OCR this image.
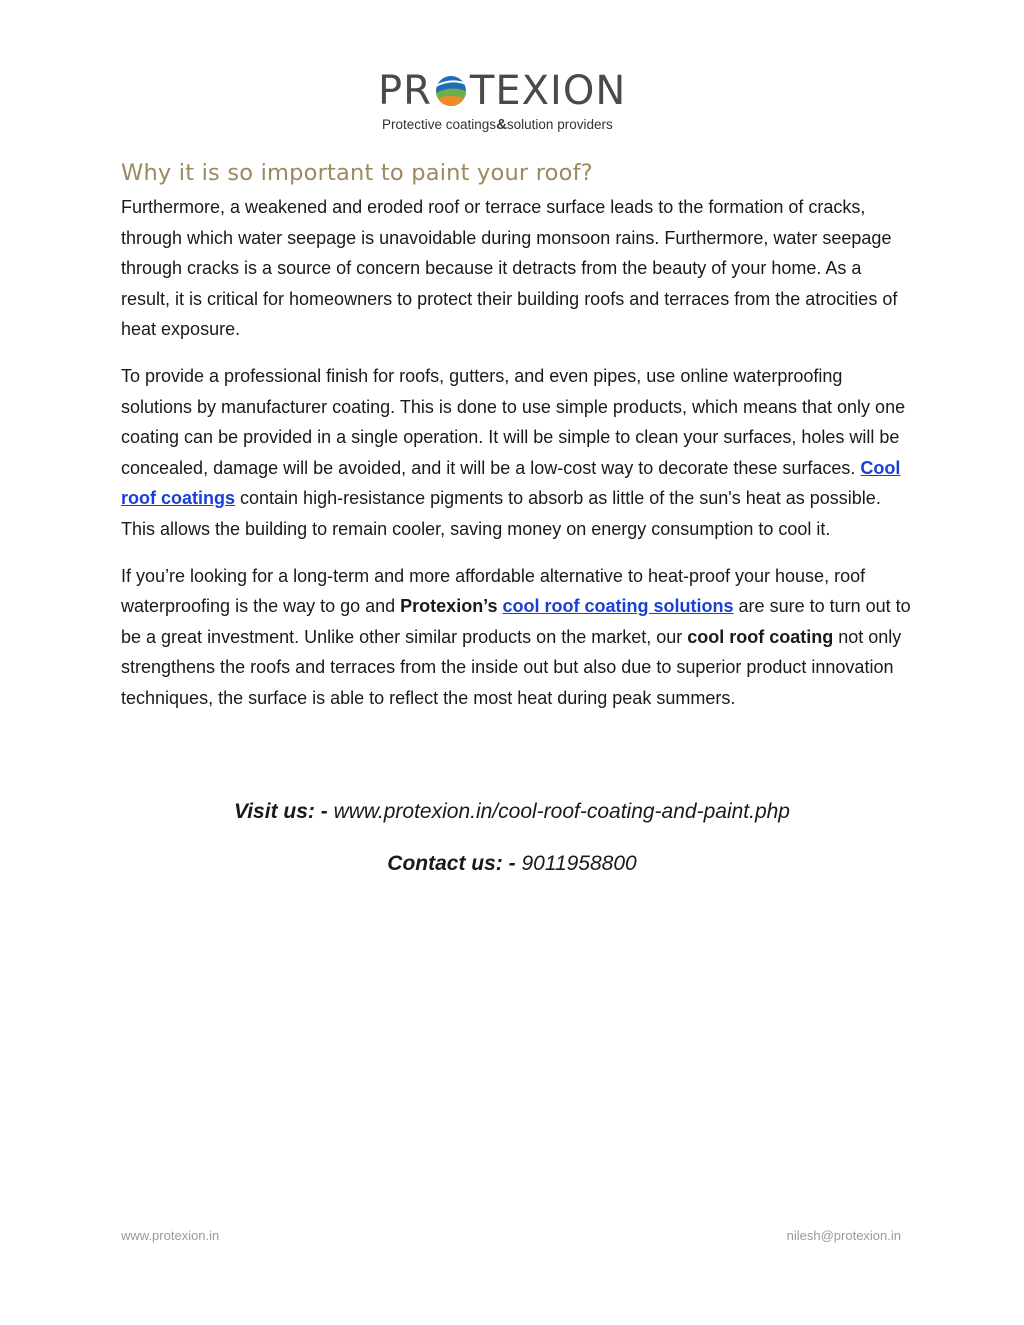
PR TEXION
Protective coatings&solution providers
Why it is so important to paint your roof?

Furthermore, a weakened and eroded roof or terrace surface leads to the formation of cracks, through which water seepage is unavoidable during monsoon rains. Furthermore, water seepage through cracks is a source of concern because it detracts from the beauty of your home. As a result, it is critical for homeowners to protect their building roofs and terraces from the atrocities of heat exposure.

To provide a professional finish for roofs, gutters, and even pipes, use online waterproofing solutions by manufacturer coating. This is done to use simple products, which means that only one coating can be provided in a single operation. It will be simple to clean your surfaces, holes will be concealed, damage will be avoided, and it will be a low-cost way to decorate these surfaces. Cool roof coatings contain high-resistance pigments to absorb as little of the sun's heat as possible. This allows the building to remain cooler, saving money on energy consumption to cool it.

If you’re looking for a long-term and more affordable alternative to heat-proof your house, roof waterproofing is the way to go and Protexion’s cool roof coating solutions are sure to turn out to be a great investment. Unlike other similar products on the market, our cool roof coating not only strengthens the roofs and terraces from the inside out but also due to superior product innovation techniques, the surface is able to reflect the most heat during peak summers.

Visit us: - www.protexion.in/cool-roof-coating-and-paint.php

Contact us: - 9011958800

www.protexion.in	nilesh@protexion.in
